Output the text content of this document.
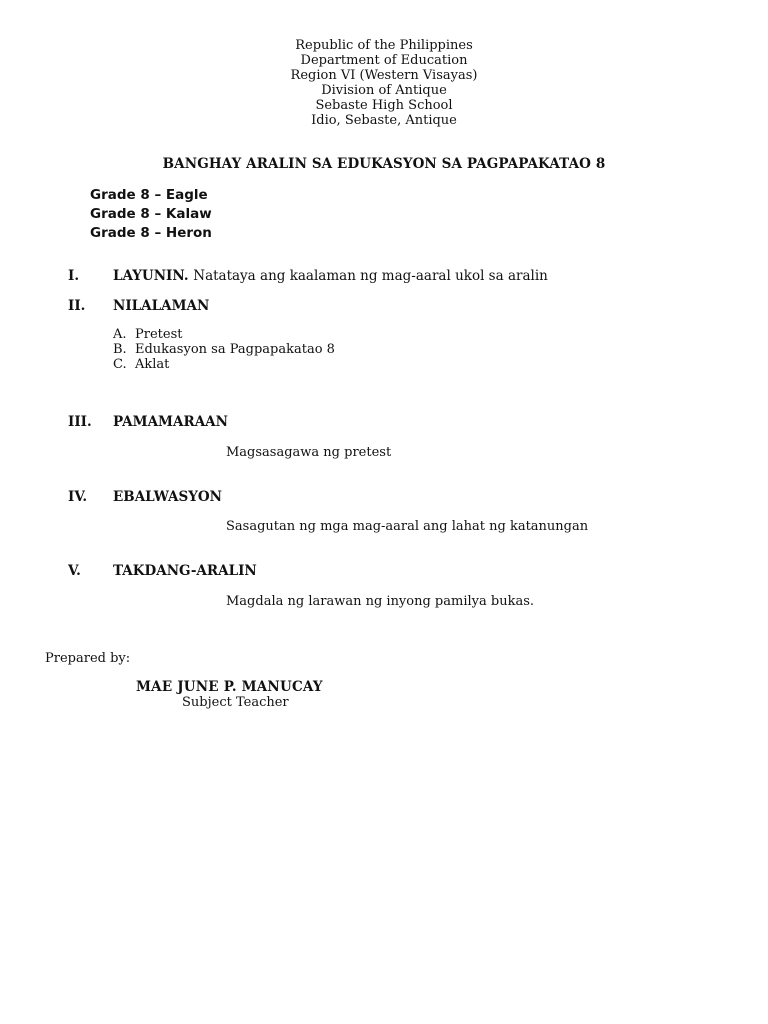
Republic of the Philippines
Department of Education
Region VI (Western Visayas)
Division of Antique
Sebaste High School
Idio, Sebaste, Antique
BANGHAY ARALIN SA EDUKASYON SA PAGPAPAKATAO 8
Grade 8 – Eagle
Grade 8 – Kalaw
Grade 8 – Heron
I.	LAYUNIN. Natataya ang kaalaman ng mag-aaral ukol sa aralin
II. NILALAMAN
A. Pretest
B. Edukasyon sa Pagpapakatao 8
C. Aklat
III. PAMAMARAAN
Magsasagawa ng pretest
IV. EBALWASYON
Sasagutan ng mga mag-aaral ang lahat ng katanungan
V. TAKDANG-ARALIN
Magdala ng larawan ng inyong pamilya bukas.
Prepared by:
MAE JUNE P. MANUCAY
Subject Teacher
